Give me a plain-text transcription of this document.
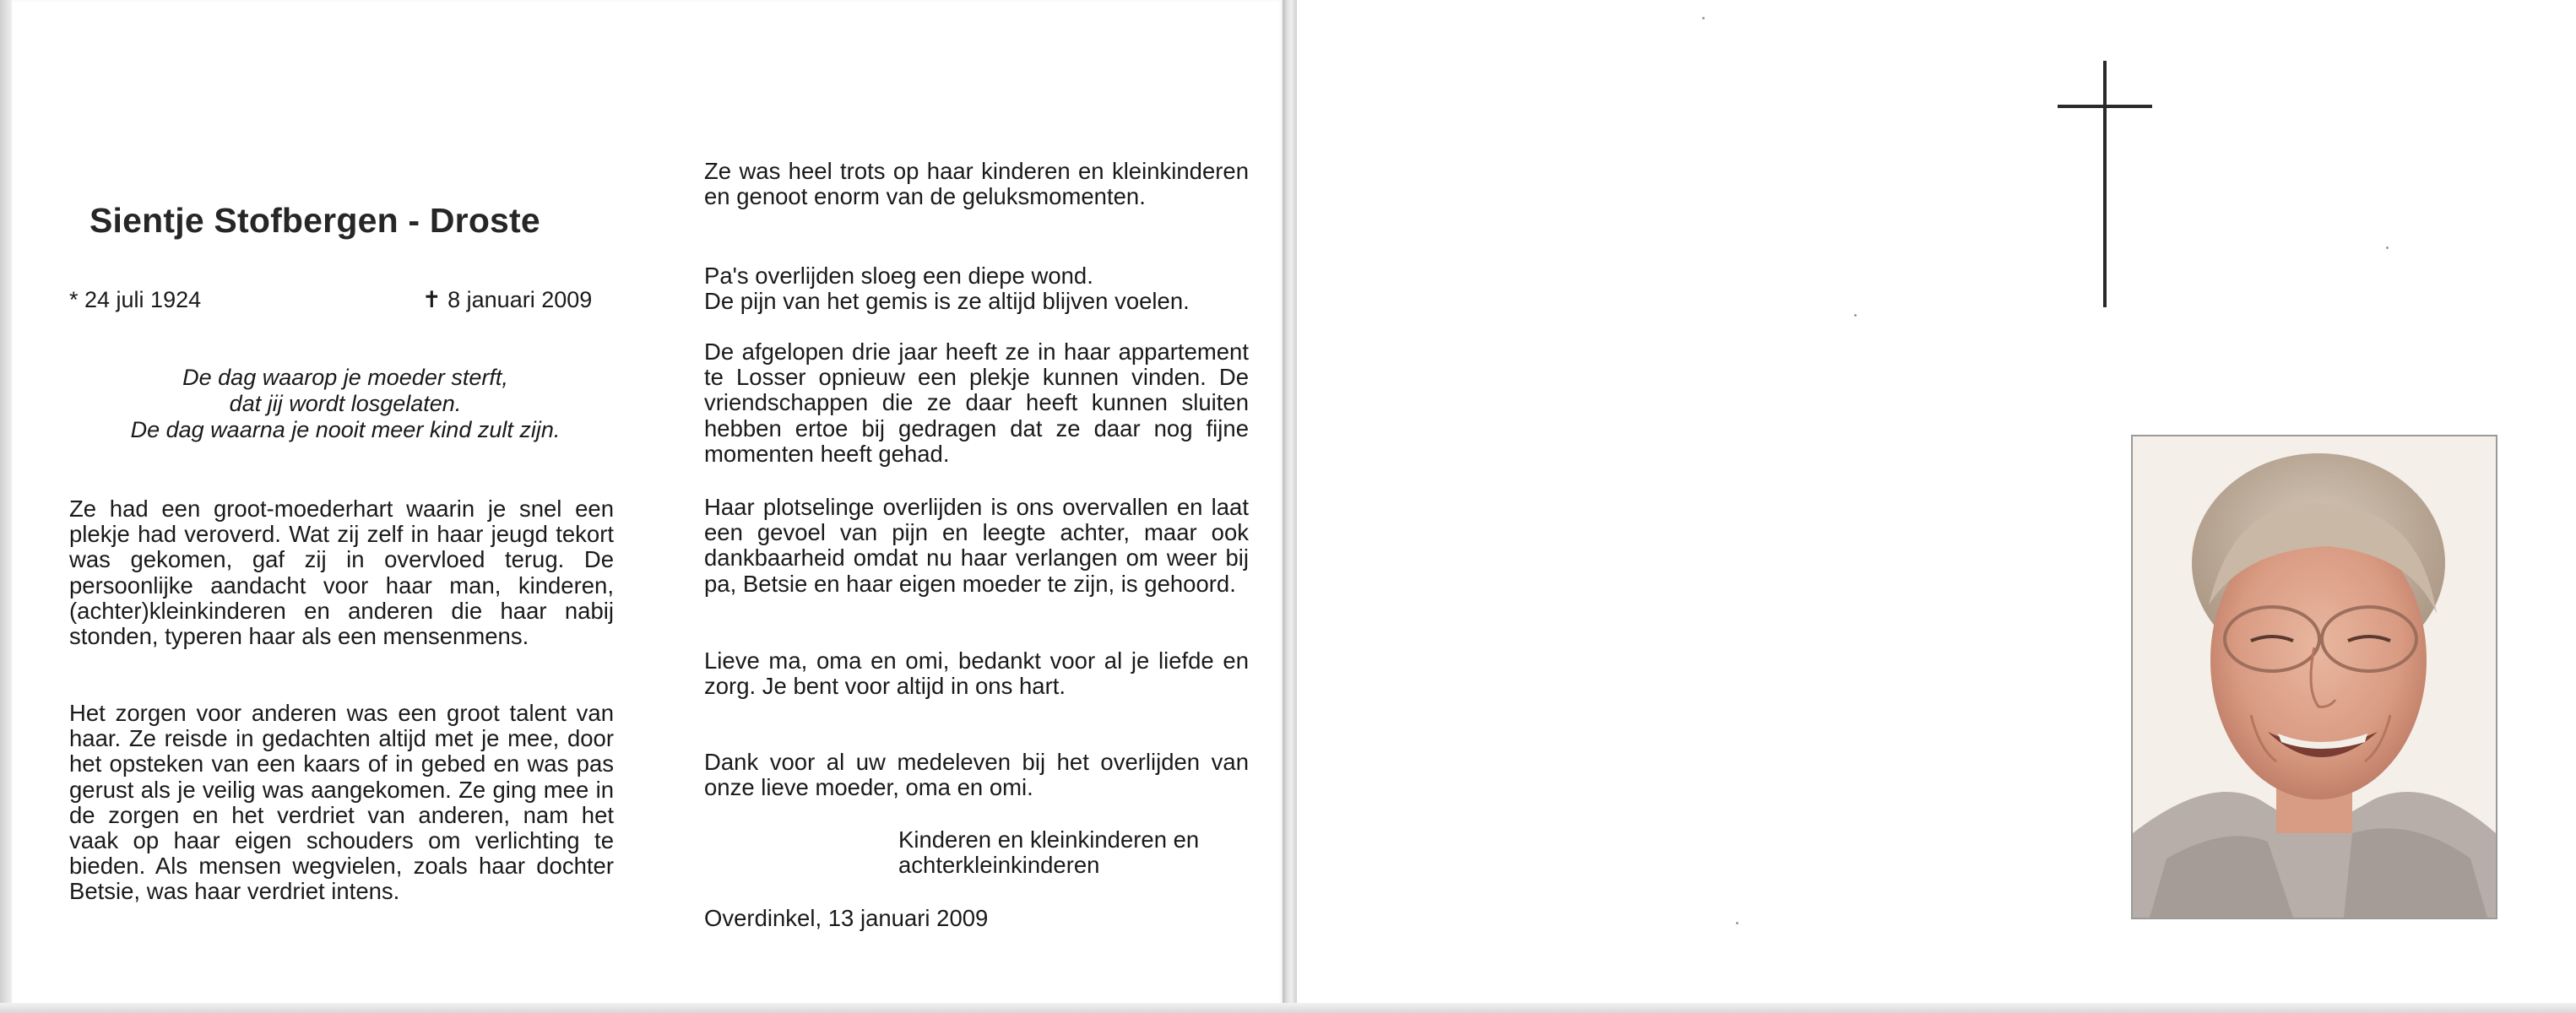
Sientje Stofbergen - Droste
* 24 juli 1924	✝ 8 januari 2009
De dag waarop je moeder sterft,
dat jij wordt losgelaten.
De dag waarna je nooit meer kind zult zijn.
Ze had een groot-moederhart waarin je snel een plekje had veroverd. Wat zij zelf in haar jeugd tekort was gekomen, gaf zij in overvloed terug. De persoonlijke aandacht voor haar man, kinderen, (achter)kleinkinderen en anderen die haar nabij stonden, typeren haar als een mensenmens.
Het zorgen voor anderen was een groot talent van haar. Ze reisde in gedachten altijd met je mee, door het opsteken van een kaars of in gebed en was pas gerust als je veilig was aangekomen. Ze ging mee in de zorgen en het verdriet van anderen, nam het vaak op haar eigen schouders om verlichting te bieden. Als mensen wegvielen, zoals haar dochter Betsie, was haar verdriet intens.
Ze was heel trots op haar kinderen en kleinkinderen en genoot enorm van de geluksmomenten.
Pa's overlijden sloeg een diepe wond.
De pijn van het gemis is ze altijd blijven voelen.
De afgelopen drie jaar heeft ze in haar appartement te Losser opnieuw een plekje kunnen vinden. De vriendschappen die ze daar heeft kunnen sluiten hebben ertoe bij gedragen dat ze daar nog fijne momenten heeft gehad.
Haar plotselinge overlijden is ons overvallen en laat een gevoel van pijn en leegte achter, maar ook dankbaarheid omdat nu haar verlangen om weer bij pa, Betsie en haar eigen moeder te zijn, is gehoord.
Lieve ma, oma en omi, bedankt voor al je liefde en zorg. Je bent voor altijd in ons hart.
Dank voor al uw medeleven bij het overlijden van onze lieve moeder, oma en omi.
Kinderen en kleinkinderen en
achterkleinkinderen
Overdinkel, 13 januari 2009
